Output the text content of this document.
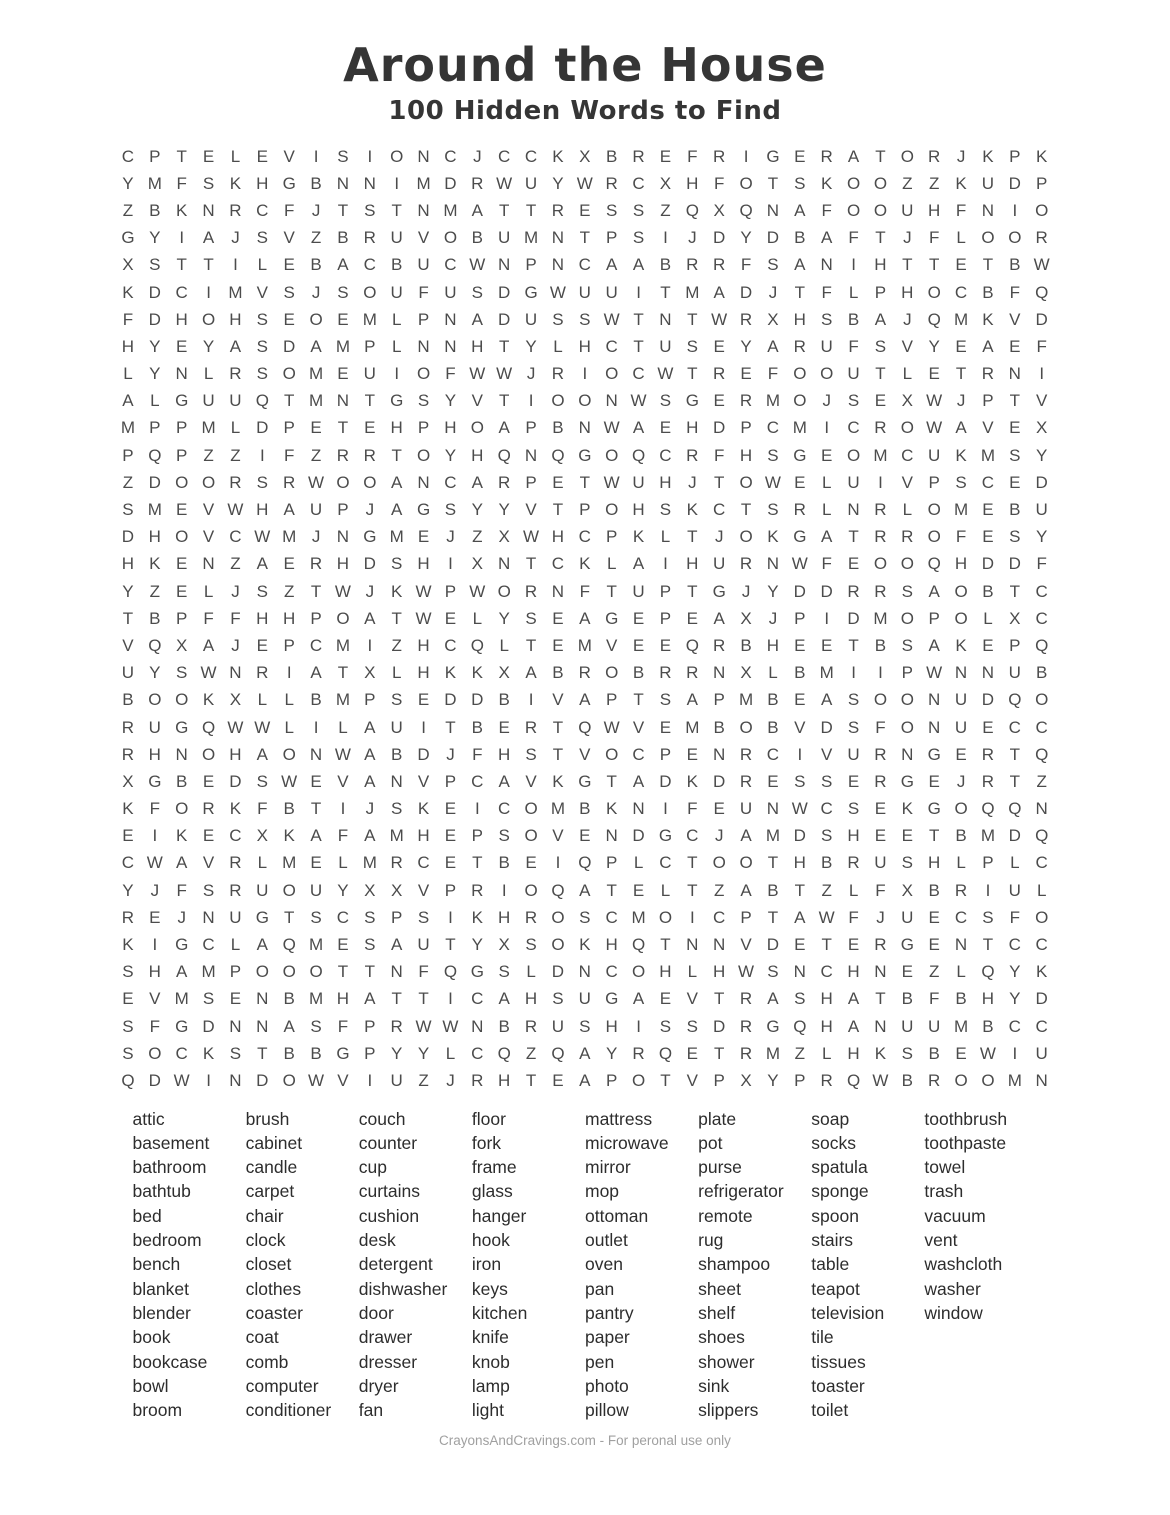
Around the House
100 Hidden Words to Find
C P T E L E V	I	S	I	O N C J C C K X B R E F R	I	G E R A T O R J K P K
Y M F S K H G B N N	I	M D R W U Y W R C X H F O T S K O O Z Z K U D P
Z B K N R C F	J	T S T N M A T T R E S S Z Q X Q N A F O O U H F N	I	O
G Y	I	A J S V Z B R U V O B U M N T P S	I	J D Y D B A F T	J	F L O O R
X S T T	I	L E B A C B U C W N P N C A A B R R F S A N	I	H T T E T B W
K D C	I	M V S J S O U F U S D G W U U	I	T M A D J	T F L P H O C B F Q
F D H O H S E O E M L P N A D U S S W T N T W R X H S B A J Q M K V D
H Y E Y A S D A M P L N N H T Y L H C T U S E Y A R U F S V Y E A E F
L Y N L R S O M E U	I	O F W W J R	I	O C W T R E F O O U T L E T R N	I
A L G U U Q T M N T G S Y V T	I	O O N W S G E R M O J S E X W J P T V
M P P M L D P E T E H P H O A P B N W A E H D P C M	I	C R O W A V E X
P Q P Z Z	I	F Z R R T O Y H Q N Q G O Q C R F H S G E O M C U K M S Y
Z D O O R S R W O O A N C A R P E T W U H J	T O W E L U	I	V P S C E D
S M E V W H A U P J A G S Y Y V T P O H S K C T S R L N R L O M E B U
D H O V C W M J N G M E J	Z X W H C P K L T	J O K G A T R R O F E S Y
H K E N Z A E R H D S H	I	X N T C K L A	I	H U R N W F E O O Q H D D F
Y Z E L	J S Z T W J K W P W O R N F T U P T G J Y D D R R S A O B T C
T B P F F H H P O A T W E L Y S E A G E P E A X J P	I	D M O P O L X C
V Q X A J E P C M	I	Z H C Q L T E M V E E Q R B H E E T B S A K E P Q
U Y S W N R	I	A T X L H K K X A B R O B R R N X L B M	I	I	P W N N U B
B O O K X L	L B M P S E D D B	I	V A P T S A P M B E A S O O N U D Q O
R U G Q W W L	I	L A U	I	T B E R T Q W V E M B O B V D S F O N U E C C
R H N O H A O N W A B D J	F H S T V O C P E N R C	I	V U R N G E R T Q
X G B E D S W E V A N V P C A V K G T A D K D R E S S E R G E J R T Z
K F O R K F B T	I	J S K E	I	C O M B K N	I	F E U N W C S E K G O Q Q N
E	I	K E C X K A F A M H E P S O V E N D G C J A M D S H E E T B M D Q
C W A V R L M E L M R C E T B E	I	Q P L C T O O T H B R U S H L P L C
Y J	F S R U O U Y X X V P R	I	O Q A T E L T Z A B T Z L F X B R	I	U L
R E J N U G T S C S P S	I	K H R O S C M O	I	C P T A W F	J U E C S F O
K	I	G C L A Q M E S A U T Y X S O K H Q T N N V D E T E R G E N T C C
S H A M P O O O T T N F Q G S L D N C O H L H W S N C H N E Z L Q Y K
E V M S E N B M H A T T	I	C A H S U G A E V T R A S H A T B F B H Y D
S F G D N N A S F P R W W N B R U S H	I	S S D R G Q H A N U U M B C C
S O C K S T B B G P Y Y L C Q Z Q A Y R Q E T R M Z L H K S B E W I	U
Q D W I	N D O W V	I	U Z	J R H T E A P O T V P X Y P R Q W B R O O M N
attic
basement
bathroom
bathtub
bed
bedroom
bench
blanket
blender
book
bookcase
bowl
broom
brush
cabinet
candle
carpet
chair
clock
closet
clothes
coaster
coat
comb
computer
conditioner
couch
counter
cup
curtains
cushion
desk
detergent
dishwasher
door
drawer
dresser
dryer
fan
floor
fork
frame
glass
hanger
hook
iron
keys
kitchen
knife
knob
lamp
light
mattress
microwave
mirror
mop
ottoman
outlet
oven
pan
pantry
paper
pen
photo
pillow
plate
pot
purse
refrigerator
remote
rug
shampoo
sheet
shelf
shoes
shower
sink
slippers
soap
socks
spatula
sponge
spoon
stairs
table
teapot
television
tile
tissues
toaster
toilet
toothbrush
toothpaste
towel
trash
vacuum
vent
washcloth
washer
window
CrayonsAndCravings.com - For peronal use only
